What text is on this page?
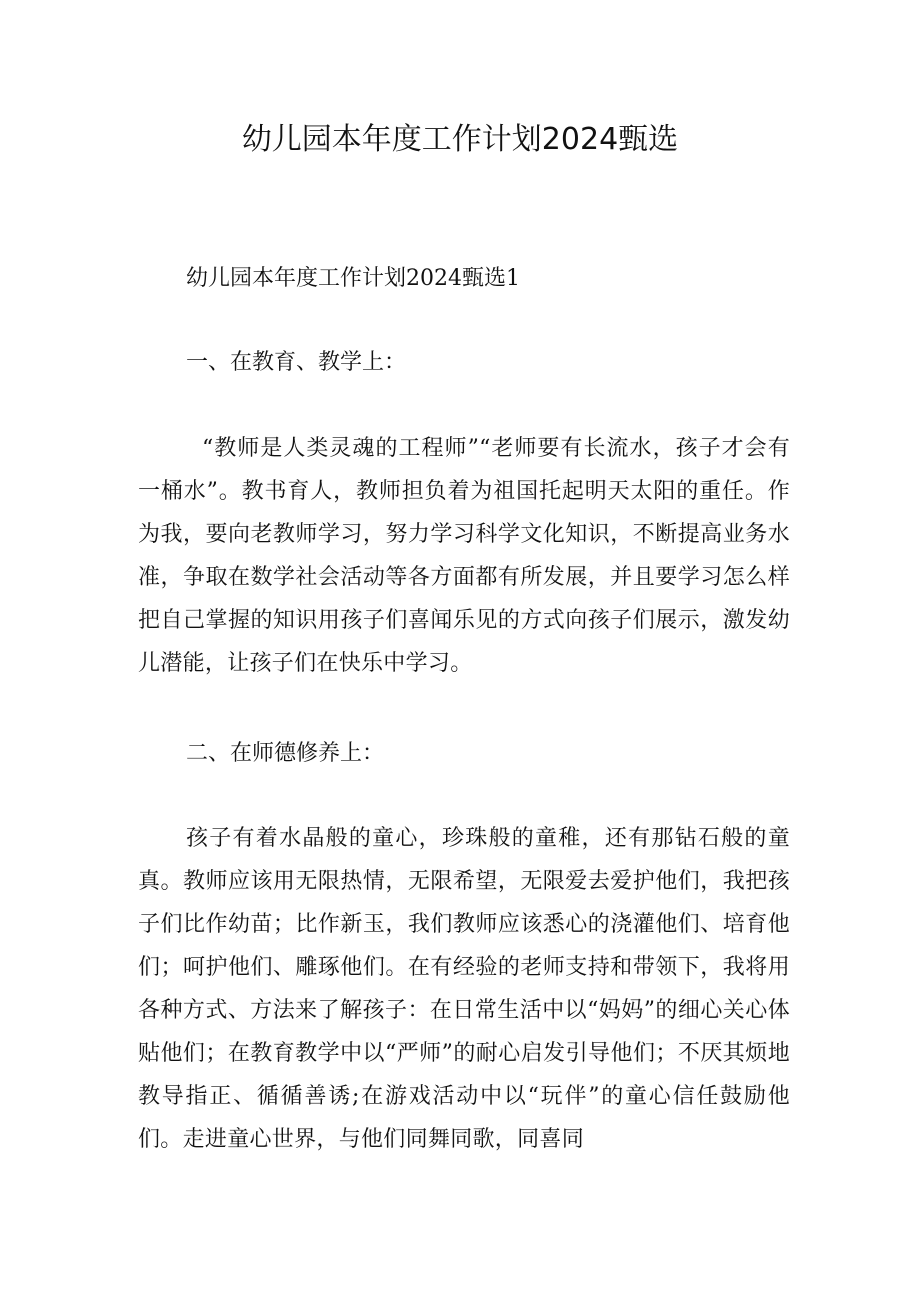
幼儿园本年度工作计划2024甄选

幼儿园本年度工作计划2024甄选1

一、在教育、教学上：

“教师是人类灵魂的工程师”“老师要有长流水，孩子才会有一桶水”。教书育人，教师担负着为祖国托起明天太阳的重任。作为我，要向老教师学习，努力学习科学文化知识，不断提高业务水准，争取在数学社会活动等各方面都有所发展，并且要学习怎么样把自己掌握的知识用孩子们喜闻乐见的方式向孩子们展示，激发幼儿潜能，让孩子们在快乐中学习。

二、在师德修养上：

孩子有着水晶般的童心，珍珠般的童稚，还有那钻石般的童真。教师应该用无限热情，无限希望，无限爱去爱护他们，我把孩子们比作幼苗；比作新玉，我们教师应该悉心的浇灌他们、培育他们；呵护他们、雕琢他们。在有经验的老师支持和带领下，我将用各种方式、方法来了解孩子：在日常生活中以“妈妈”的细心关心体贴他们；在教育教学中以“严师”的耐心启发引导他们；不厌其烦地教导指正、循循善诱;在游戏活动中以“玩伴”的童心信任鼓励他们。走进童心世界，与他们同舞同歌，同喜同
